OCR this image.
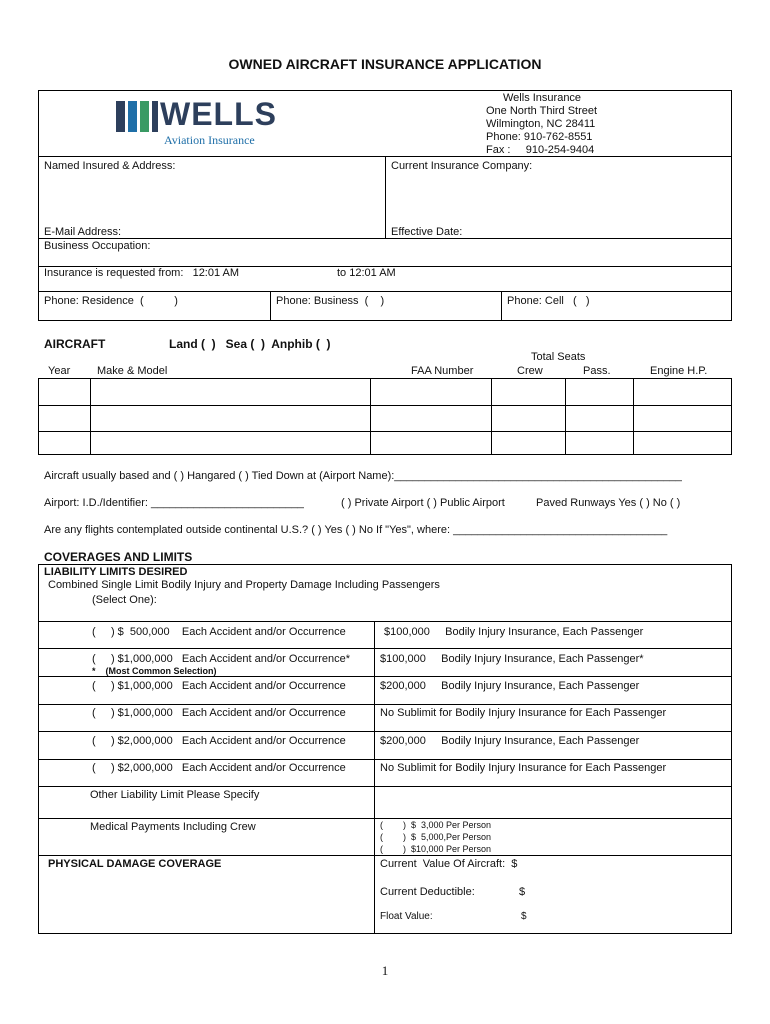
OWNED AIRCRAFT INSURANCE APPLICATION
WELLS
Aviation Insurance
Wells Insurance
One North Third Street
Wilmington, NC 28411
Phone: 910-762-8551
Fax :     910-254-9404
Named Insured & Address:	Current Insurance Company:
E-Mail Address:	Effective Date:
Business Occupation:
Insurance is requested from:   12:01 AM	to 12:01 AM
Phone: Residence  (          )	Phone: Business  (    )	Phone: Cell   (   )
AIRCRAFT	Land (  )   Sea (  )  Anphib (  )
Total Seats
Year Make & Model	FAA Number	Crew	Pass.	Engine H.P.
Aircraft usually based and ( ) Hangared ( ) Tied Down at (Airport Name):_______________________________________________
Airport: I.D./Identifier: _________________________	( ) Private Airport ( ) Public Airport	Paved Runways Yes ( ) No ( )
Are any flights contemplated outside continental U.S.? ( ) Yes ( ) No If "Yes", where: ___________________________________
COVERAGES AND LIMITS
LIABILITY LIMITS DESIRED
Combined Single Limit Bodily Injury and Property Damage Including Passengers
(Select One):
(     ) $  500,000    Each Accident and/or Occurrence	$100,000     Bodily Injury Insurance, Each Passenger
(     ) $1,000,000   Each Accident and/or Occurrence*	$100,000     Bodily Injury Insurance, Each Passenger*
*    (Most Common Selection)
(     ) $1,000,000   Each Accident and/or Occurrence	$200,000     Bodily Injury Insurance, Each Passenger
(     ) $1,000,000   Each Accident and/or Occurrence	No Sublimit for Bodily Injury Insurance for Each Passenger
(     ) $2,000,000   Each Accident and/or Occurrence	$200,000     Bodily Injury Insurance, Each Passenger
(     ) $2,000,000   Each Accident and/or Occurrence	No Sublimit for Bodily Injury Insurance for Each Passenger
Other Liability Limit Please Specify
Medical Payments Including Crew	(        )  $  3,000 Per Person
(        )  $  5,000,Per Person
(        )  $10,000 Per Person
PHYSICAL DAMAGE COVERAGE	Current  Value Of Aircraft:  $
Current Deductible:	$
Float Value:	$
1
